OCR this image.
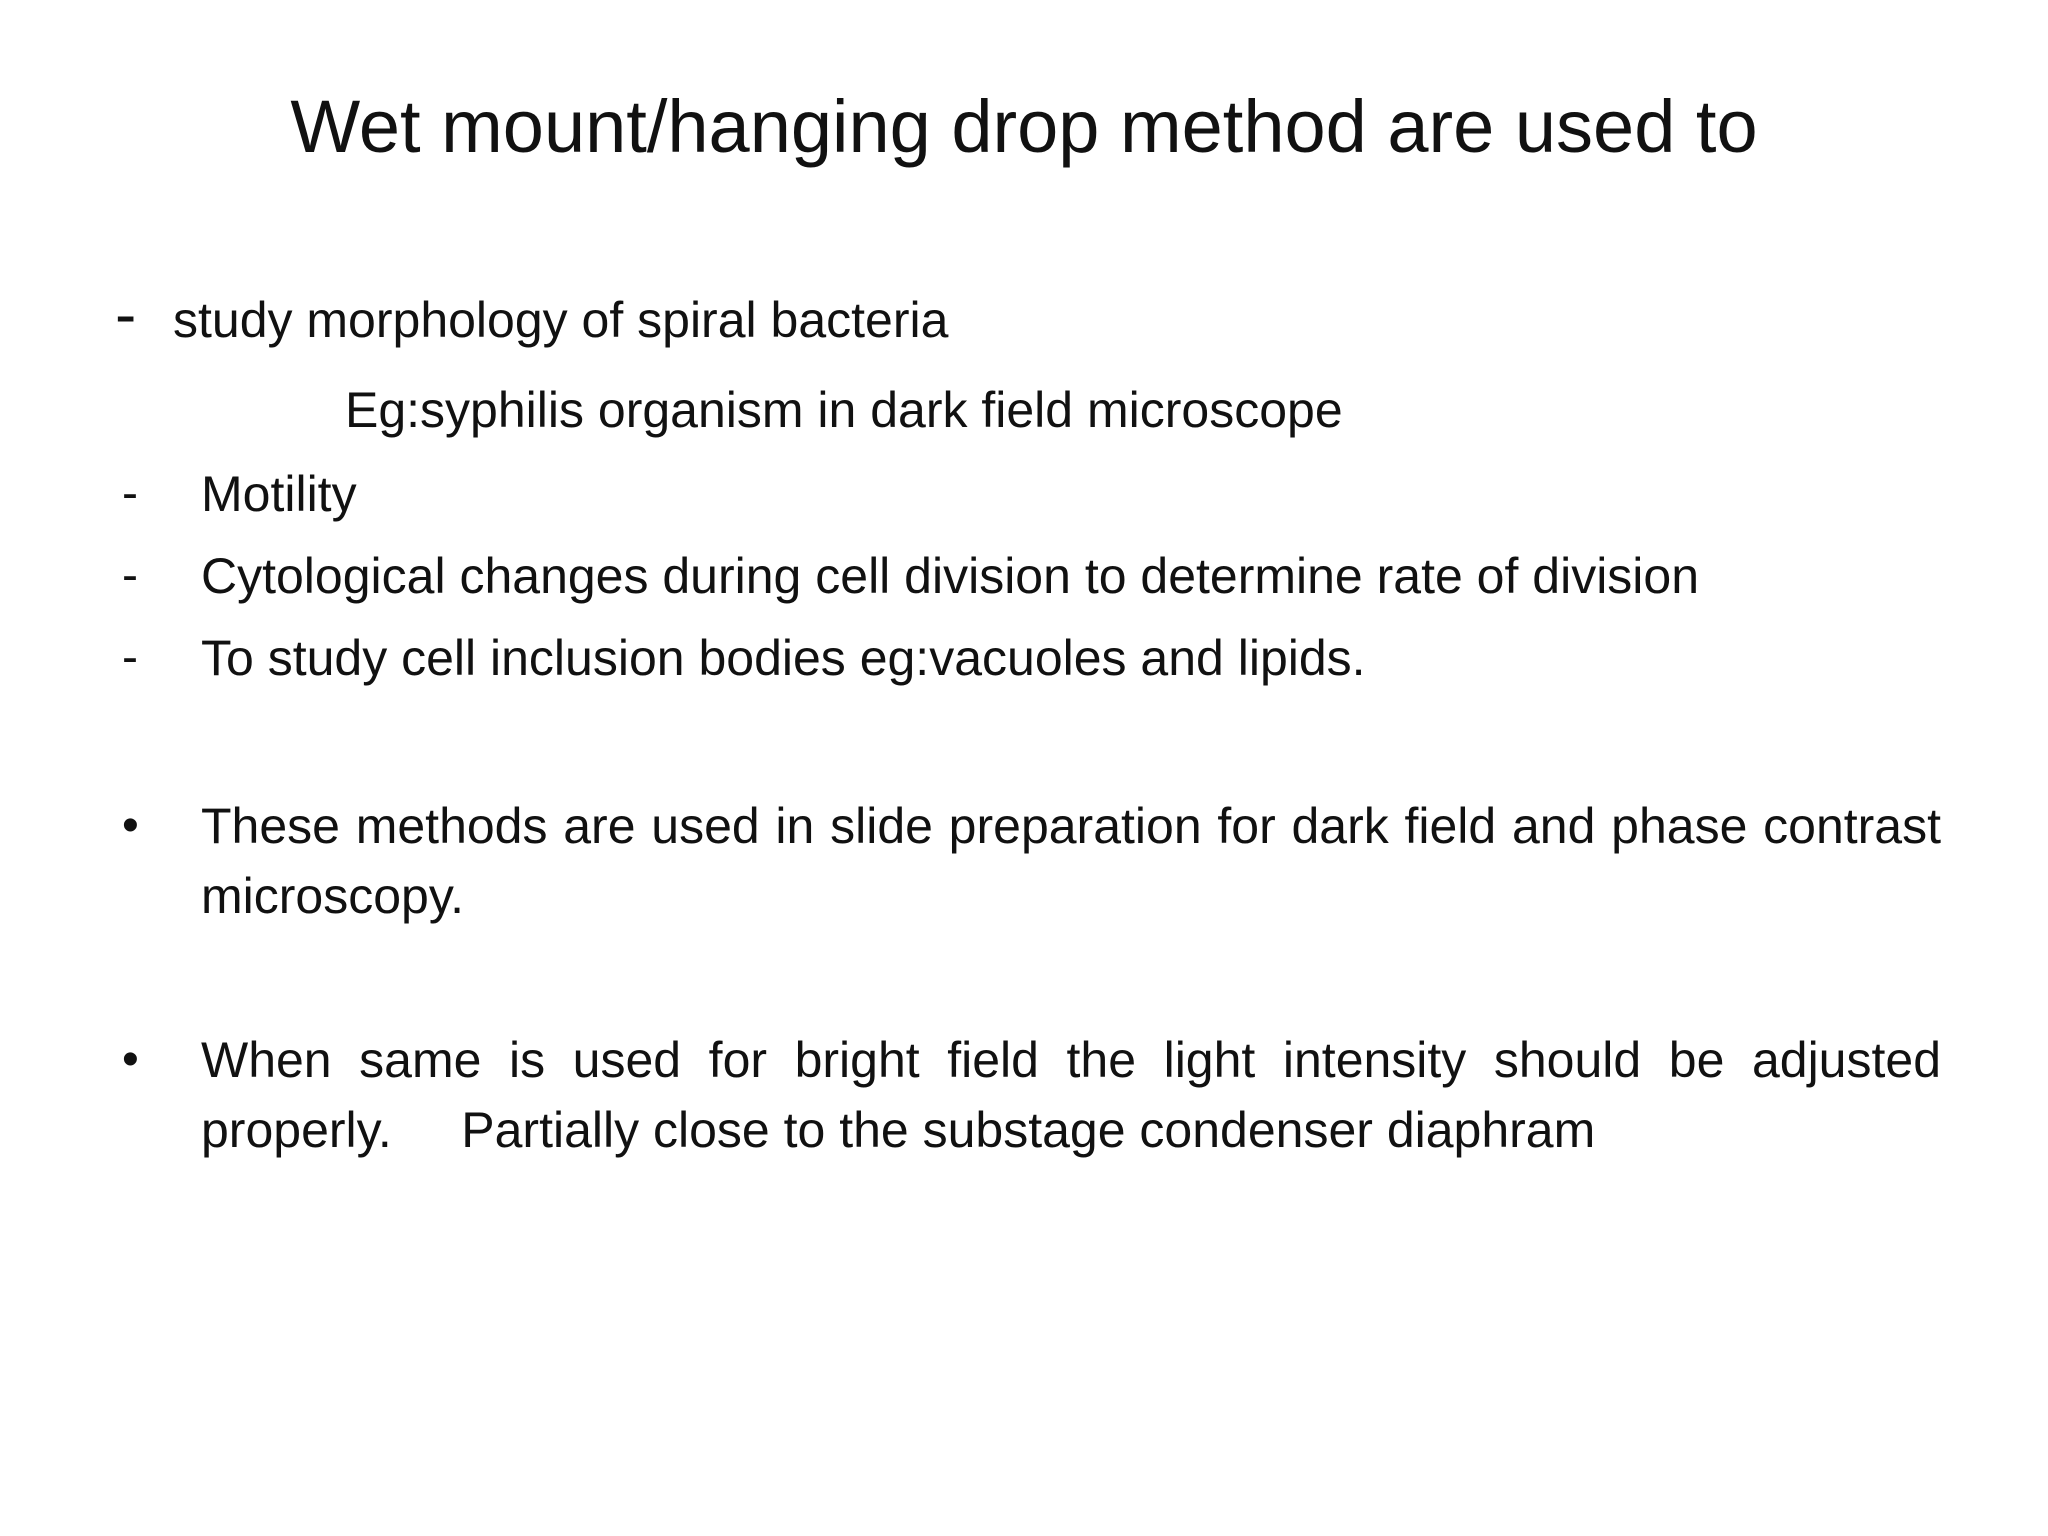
Wet mount/hanging drop method are used to
- study morphology of spiral bacteria
Eg:syphilis organism in dark field microscope
- Motility
- Cytological changes during cell division to determine rate of division
- To study cell inclusion bodies eg:vacuoles and lipids.
• These methods are used in slide preparation for dark field and phase contrast microscopy.
• When same is used for bright field the light intensity should be adjusted properly.     Partially close to the substage condenser diaphram
